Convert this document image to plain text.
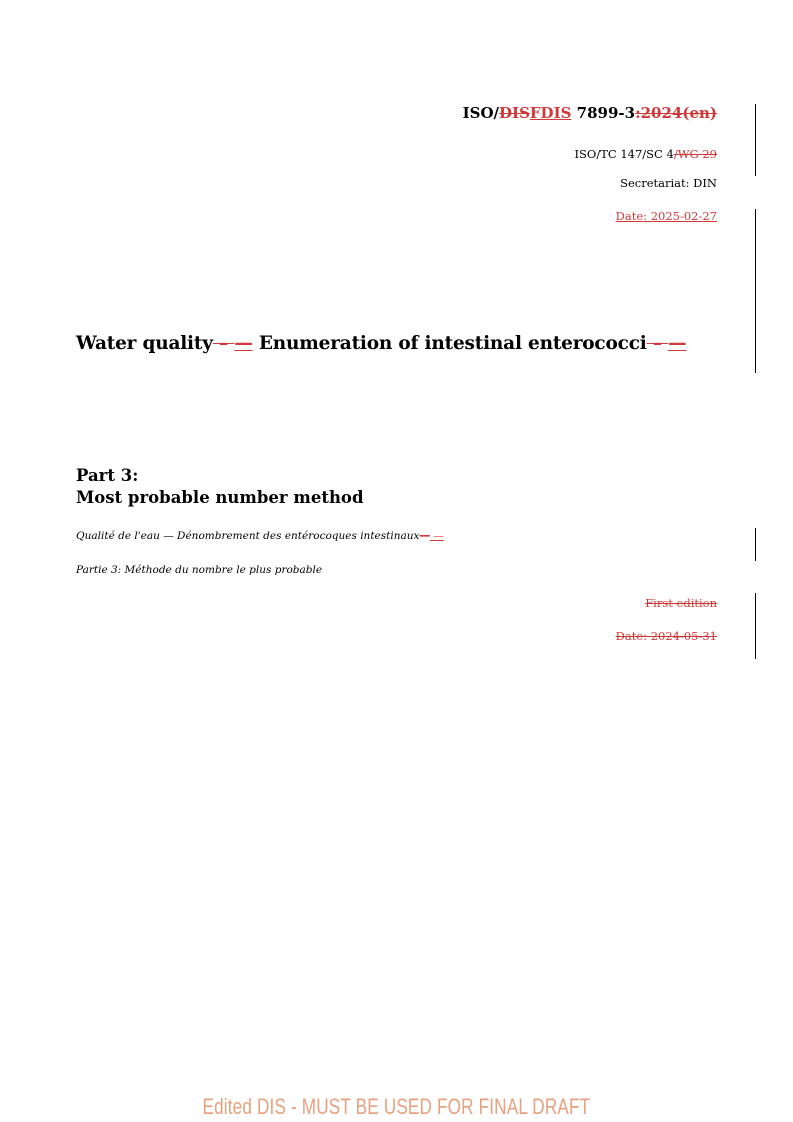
ISO/DISFDIS 7899-3:2024(en)
ISO/TC 147/SC 4/WG 29
Secretariat: DIN
Date: 2025-02-27
Water quality – — Enumeration of intestinal enterococci – —
Part 3:
Most probable number method
Qualité de l'eau — Dénombrement des entérocoques intestinaux— —
Partie 3: Méthode du nombre le plus probable
First edition
Date: 2024-05-31
Edited DIS - MUST BE USED FOR FINAL DRAFT
